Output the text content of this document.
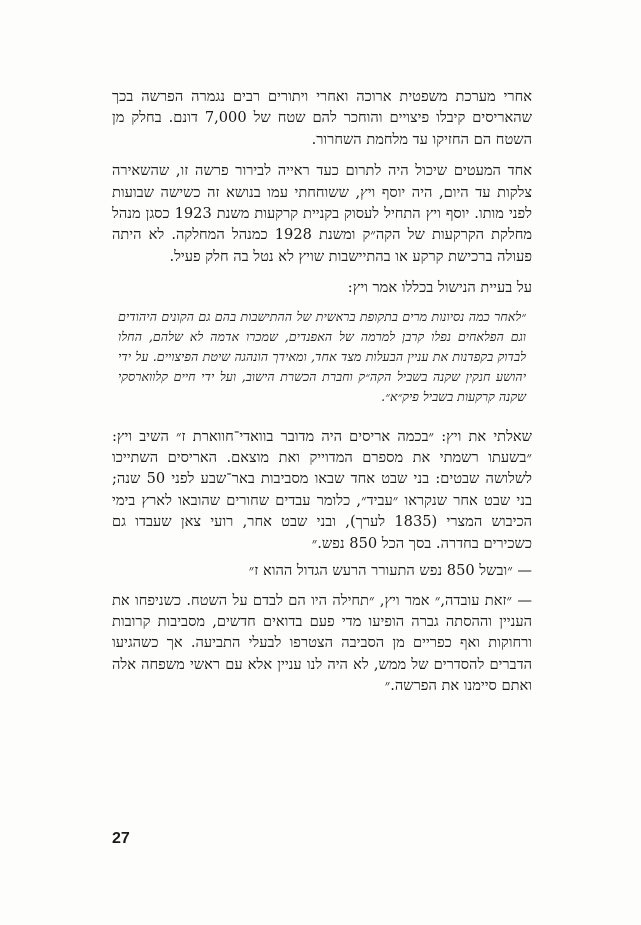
אחרי מערכת משפטית ארוכה ואחרי ויתורים רבים נגמרה הפרשה בכך שהאריסים קיבלו פיצויים והוחכר להם שטח של 7,000 דונם. בחלק מן השטח הם החזיקו עד מלחמת השחרור.

אחד המעטים שיכול היה לתרום כעד ראייה לבירור פרשה זו, שהשאירה צלקות עד היום, היה יוסף ויץ, ששוחחתי עמו בנושא זה כשישה שבועות לפני מותו. יוסף ויץ התחיל לעסוק בקניית קרקעות משנת 1923 כסגן מנהל מחלקת הקרקעות של הקה״ק ומשנת 1928 כמנהל המחלקה. לא היתה פעולה ברכישת קרקע או בהתיישבות שויץ לא נטל בה חלק פעיל.

על בעיית הנישול בכללו אמר ויץ:

״לאחר כמה נסיונות מרים בתקופת בראשית של ההתישבות בהם גם הקונים היהודים וגם הפלאחים נפלו קרבן למרמה של האפנדים, שמכרו אדמה לא שלהם, החלו לבדוק בקפדנות את עניין הבעלות מצד אחד, ומאידך הונהגה שיטת הפיצויים. על ידי יהושע חנקין שקנה בשביל הקה״ק וחברת הכשרת הישוב, ועל ידי חיים קלווארסקי שקנה קרקעות בשביל פיק״א״.

שאלתי את ויץ: ״בכמה אריסים היה מדובר בוואדי־חווארת ז״ השיב ויץ: ״בשעתו רשמתי את מספרם המדוייק ואת מוצאם. האריסים השתייכו לשלושה שבטים: בני שבט אחד שבאו מסביבות באר־שבע לפני 50 שנה; בני שבט אחר שנקראו ״עביד״, כלומר עבדים שחורים שהובאו לארץ בימי הכיבוש המצרי (1835 לערך), ובני שבט אחר, רועי צאן שעבדו גם כשכירים בחדרה. בסך הכל 850 נפש.״

— ״ובשל 850 נפש התעורר הרעש הגדול ההוא ז״

— ״זאת עובדה,״ אמר ויץ, ״תחילה היו הם לבדם על השטח. כשניפחו את העניין וההסתה גברה הופיעו מדי פעם בדואים חדשים, מסביבות קרובות ורחוקות ואף כפריים מן הסביבה הצטרפו לבעלי התביעה. אך כשהגיעו הדברים להסדרים של ממש, לא היה לנו עניין אלא עם ראשי משפחה אלה ואתם סיימנו את הפרשה.״

27
